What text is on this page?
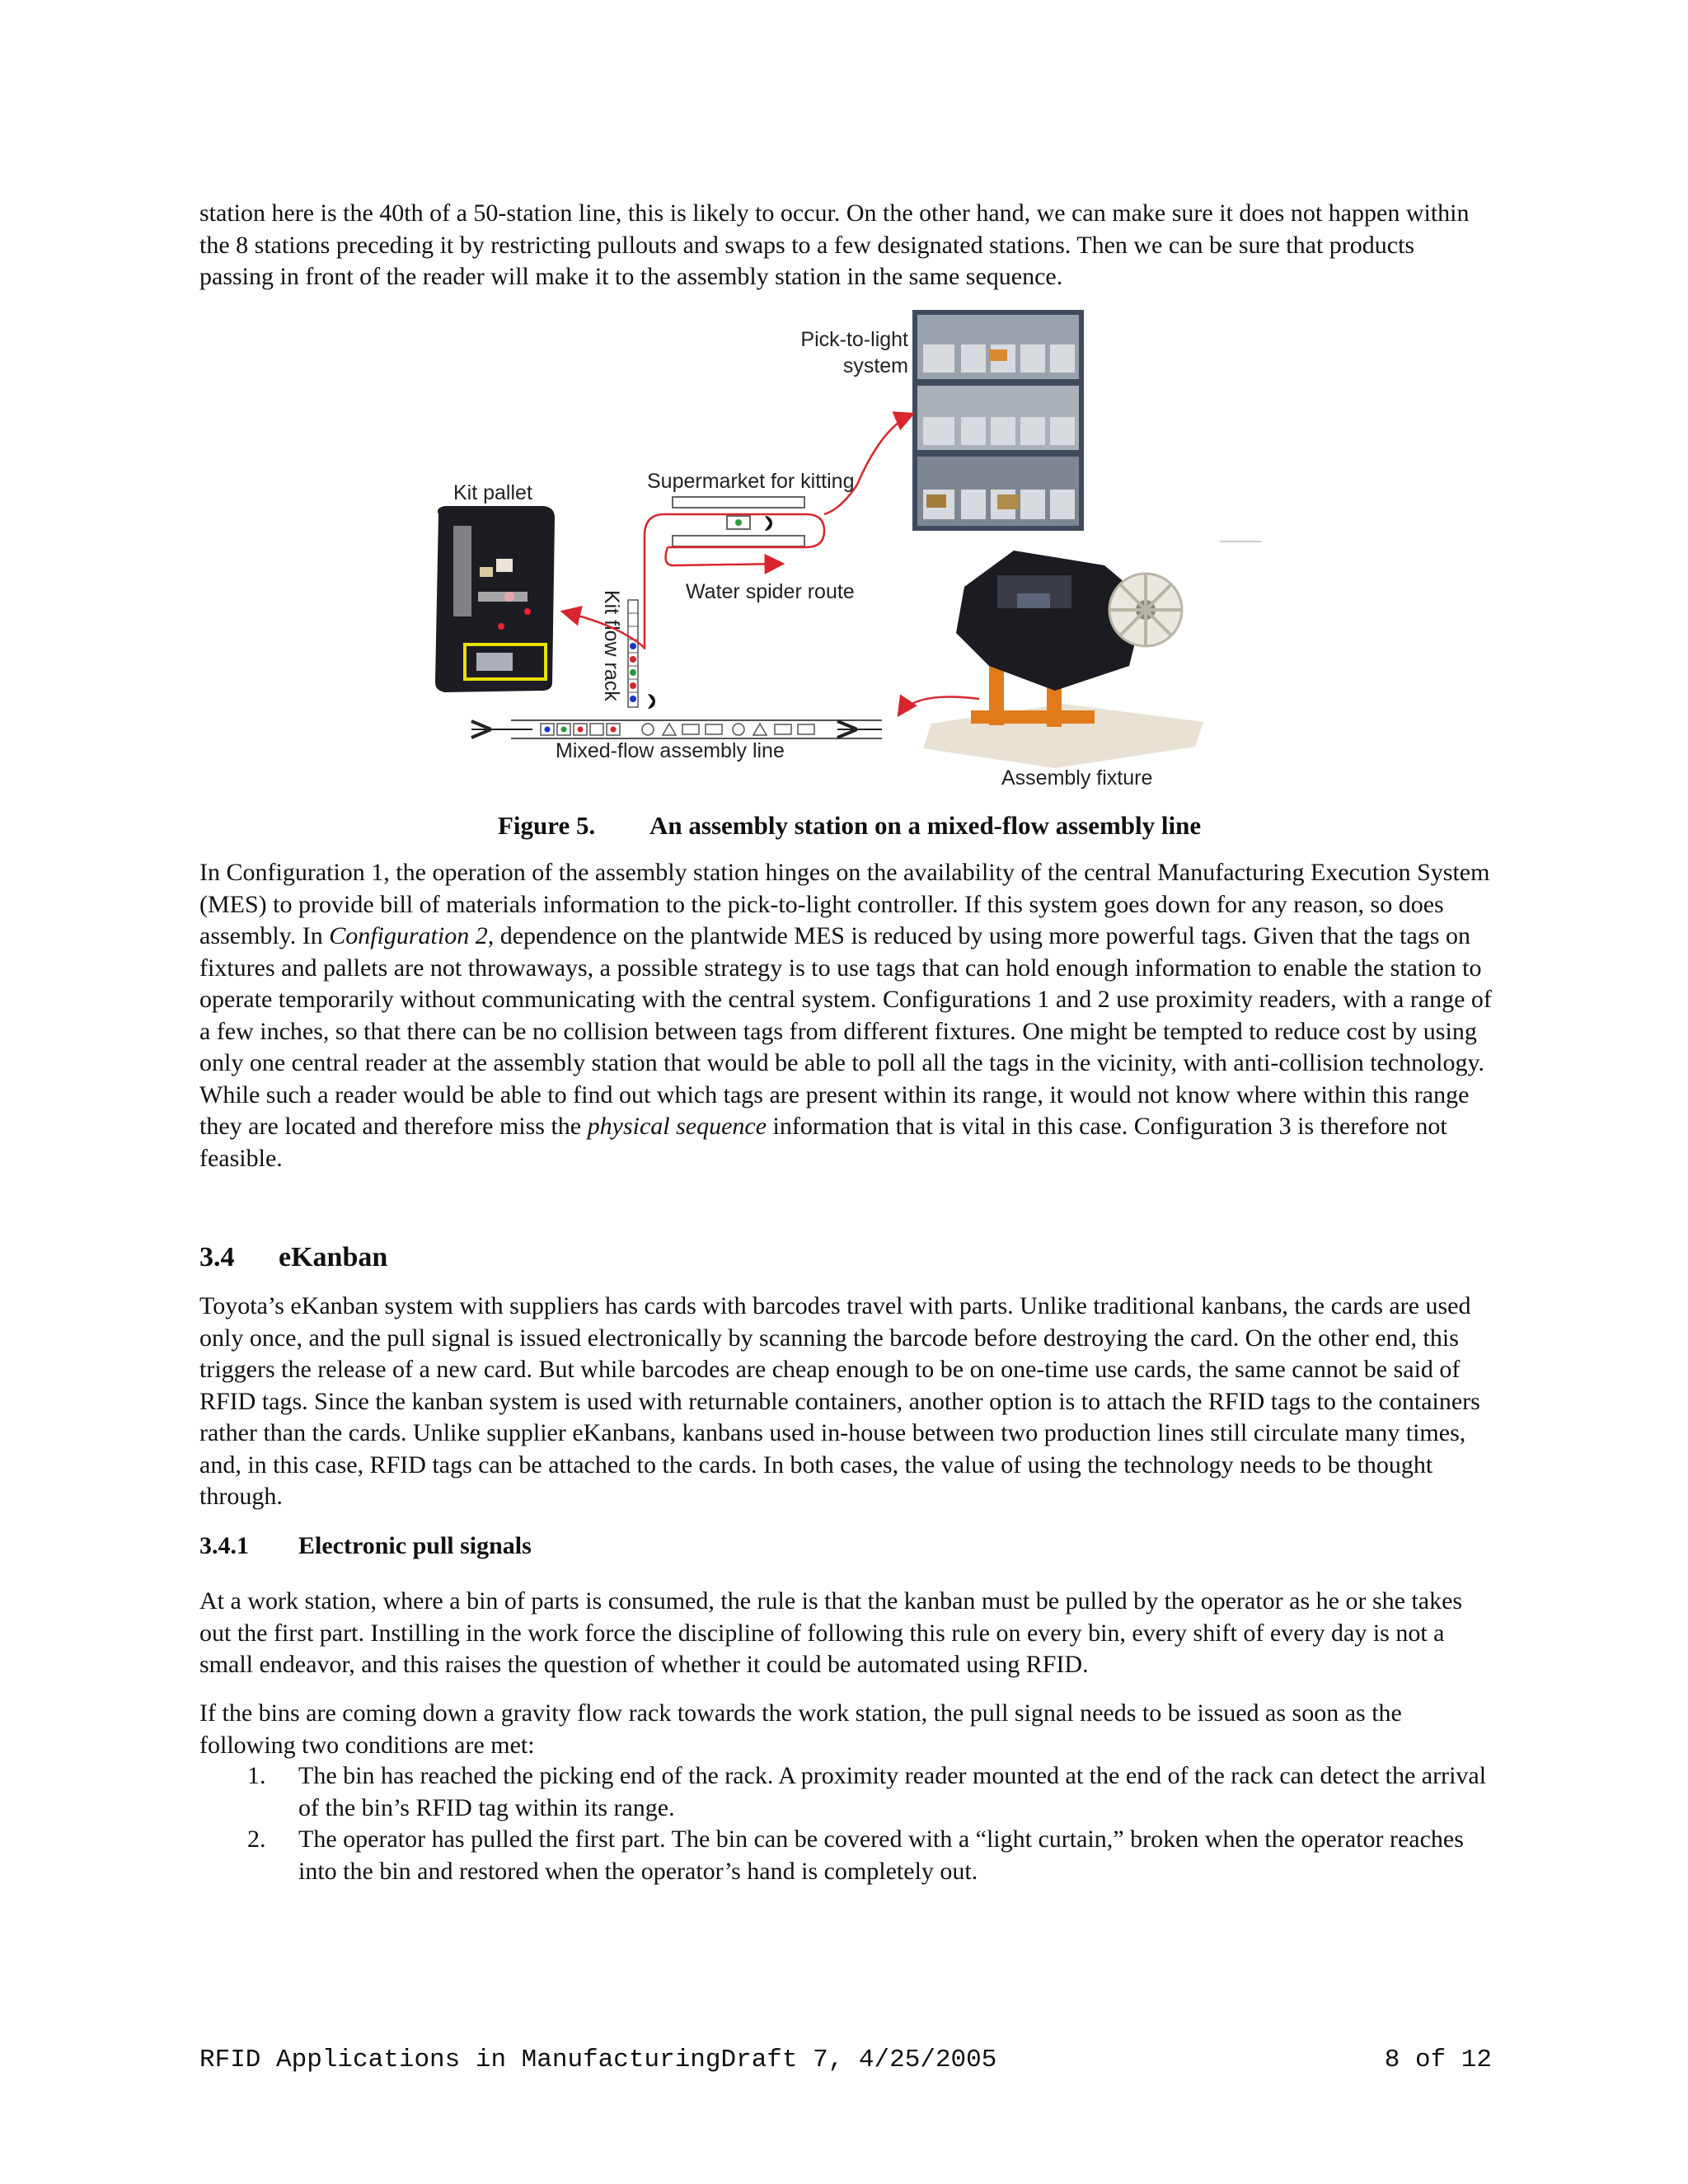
station here is the 40th of a 50-station line, this is likely to occur. On the other hand, we can make sure it does not happen within the 8 stations preceding it by restricting pullouts and swaps to a few designated stations. Then we can be sure that products passing in front of the reader will make it to the assembly station in the same sequence.

Pick-to-light
system
Kit pallet	Supermarket for kitting
Water spider route
Kit flow rack
Mixed-flow assembly line
Assembly fixture
Figure 5. An assembly station on a mixed-flow assembly line

In Configuration 1, the operation of the assembly station hinges on the availability of the central Manufacturing Execution System (MES) to provide bill of materials information to the pick-to-light controller. If this system goes down for any reason, so does assembly. In Configuration 2, dependence on the plantwide MES is reduced by using more powerful tags. Given that the tags on fixtures and pallets are not throwaways, a possible strategy is to use tags that can hold enough information to enable the station to operate temporarily without communicating with the central system. Configurations 1 and 2 use proximity readers, with a range of a few inches, so that there can be no collision between tags from different fixtures. One might be tempted to reduce cost by using only one central reader at the assembly station that would be able to poll all the tags in the vicinity, with anti-collision technology. While such a reader would be able to find out which tags are present within its range, it would not know where within this range they are located and therefore miss the physical sequence information that is vital in this case. Configuration 3 is therefore not feasible.

3.4 eKanban

Toyota’s eKanban system with suppliers has cards with barcodes travel with parts. Unlike traditional kanbans, the cards are used only once, and the pull signal is issued electronically by scanning the barcode before destroying the card. On the other end, this triggers the release of a new card. But while barcodes are cheap enough to be on one-time use cards, the same cannot be said of RFID tags. Since the kanban system is used with returnable containers, another option is to attach the RFID tags to the containers rather than the cards. Unlike supplier eKanbans, kanbans used in-house between two production lines still circulate many times, and, in this case, RFID tags can be attached to the cards. In both cases, the value of using the technology needs to be thought through.

3.4.1 Electronic pull signals

At a work station, where a bin of parts is consumed, the rule is that the kanban must be pulled by the operator as he or she takes out the first part. Instilling in the work force the discipline of following this rule on every bin, every shift of every day is not a small endeavor, and this raises the question of whether it could be automated using RFID.

If the bins are coming down a gravity flow rack towards the work station, the pull signal needs to be issued as soon as the following two conditions are met:

1. The bin has reached the picking end of the rack. A proximity reader mounted at the end of the rack can detect the arrival of the bin’s RFID tag within its range.
2. The operator has pulled the first part. The bin can be covered with a “light curtain,” broken when the operator reaches into the bin and restored when the operator’s hand is completely out.
RFID Applications in ManufacturingDraft 7, 4/25/2005	8 of 12
